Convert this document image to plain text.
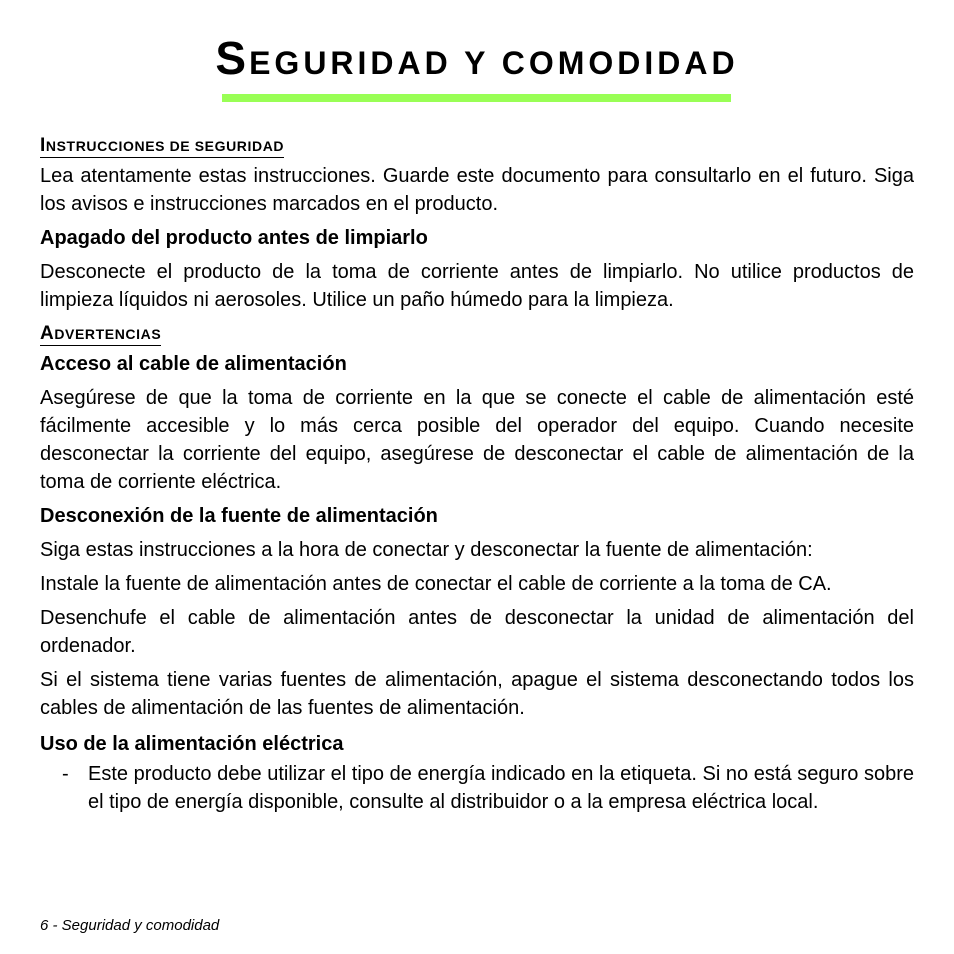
SEGURIDAD Y COMODIDAD
INSTRUCCIONES DE SEGURIDAD

Lea atentamente estas instrucciones. Guarde este documento para consultarlo en el futuro. Siga los avisos e instrucciones marcados en el producto.

Apagado del producto antes de limpiarlo

Desconecte el producto de la toma de corriente antes de limpiarlo. No utilice productos de limpieza líquidos ni aerosoles. Utilice un paño húmedo para la limpieza.

ADVERTENCIAS

Acceso al cable de alimentación

Asegúrese de que la toma de corriente en la que se conecte el cable de alimentación esté fácilmente accesible y lo más cerca posible del operador del equipo. Cuando necesite desconectar la corriente del equipo, asegúrese de desconectar el cable de alimentación de la toma de corriente eléctrica.

Desconexión de la fuente de alimentación

Siga estas instrucciones a la hora de conectar y desconectar la fuente de alimentación:

Instale la fuente de alimentación antes de conectar el cable de corriente a la toma de CA.

Desenchufe el cable de alimentación antes de desconectar la unidad de alimentación del ordenador.

Si el sistema tiene varias fuentes de alimentación, apague el sistema desconectando todos los cables de alimentación de las fuentes de alimentación.

Uso de la alimentación eléctrica

- Este producto debe utilizar el tipo de energía indicado en la etiqueta. Si no está seguro sobre el tipo de energía disponible, consulte al distribuidor o a la empresa eléctrica local.
6 - Seguridad y comodidad
